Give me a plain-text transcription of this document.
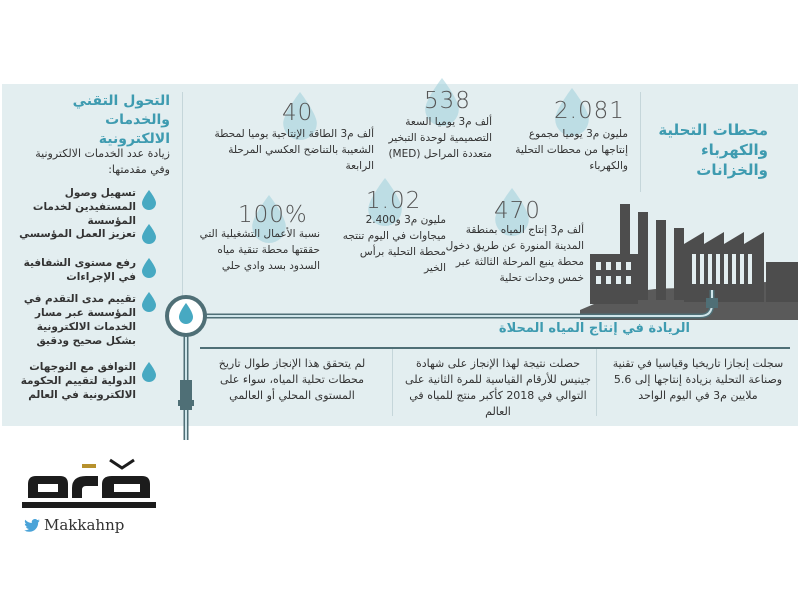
محطات التحلية والكهرباء والخزانات
التحول التقني والخدمات الالكترونية
زيادة عدد الخدمات الالكترونية وفي مقدمتها:
تسهيل وصول المستفيدين لخدمات المؤسسة
تعزيز العمل المؤسسي
رفع مستوى الشفافية في الإجراءات
تقييم مدى التقدم في المؤسسة عبر مسار الخدمات الالكترونية بشكل صحيح ودقيق
التوافق مع التوجهات الدولية لتقييم الحكومة الالكترونية في العالم
2.081
مليون م3 يوميا مجموع إنتاجها من محطات التحلية والكهرباء
538
ألف م3 يوميا السعة التصميمية لوحدة التبخير متعددة المراحل (MED)
40
ألف م3 الطاقة الإنتاجية يوميا لمحطة الشعيبة بالتناضح العكسي المرحلة الرابعة
470
ألف م3 إنتاج المياه بمنطقة المدينة المنورة عن طريق دخول محطة ينبع المرحلة الثالثة عبر خمس وحدات تحلية
1.02
مليون م3 و2.400 ميجاوات في اليوم تنتجه محطة التحلية برأس الخير
100%
نسبة الأعمال التشغيلية التي حققتها محطة تنقية مياه السدود بسد وادي حلي
الريادة في إنتاج المياه المحلاة
سجلت إنجازا تاريخيا وقياسيا في تقنية وصناعة التحلية بزيادة إنتاجها إلى 5.6 ملايين م3 في اليوم الواحد
حصلت نتيجة لهذا الإنجاز على شهادة جينيس للأرقام القياسية للمرة الثانية على التوالي في 2018 كأكبر منتج للمياه في العالم
لم يتحقق هذا الإنجاز طوال تاريخ محطات تحلية المياه، سواء على المستوى المحلي أو العالمي
Makkahnp
